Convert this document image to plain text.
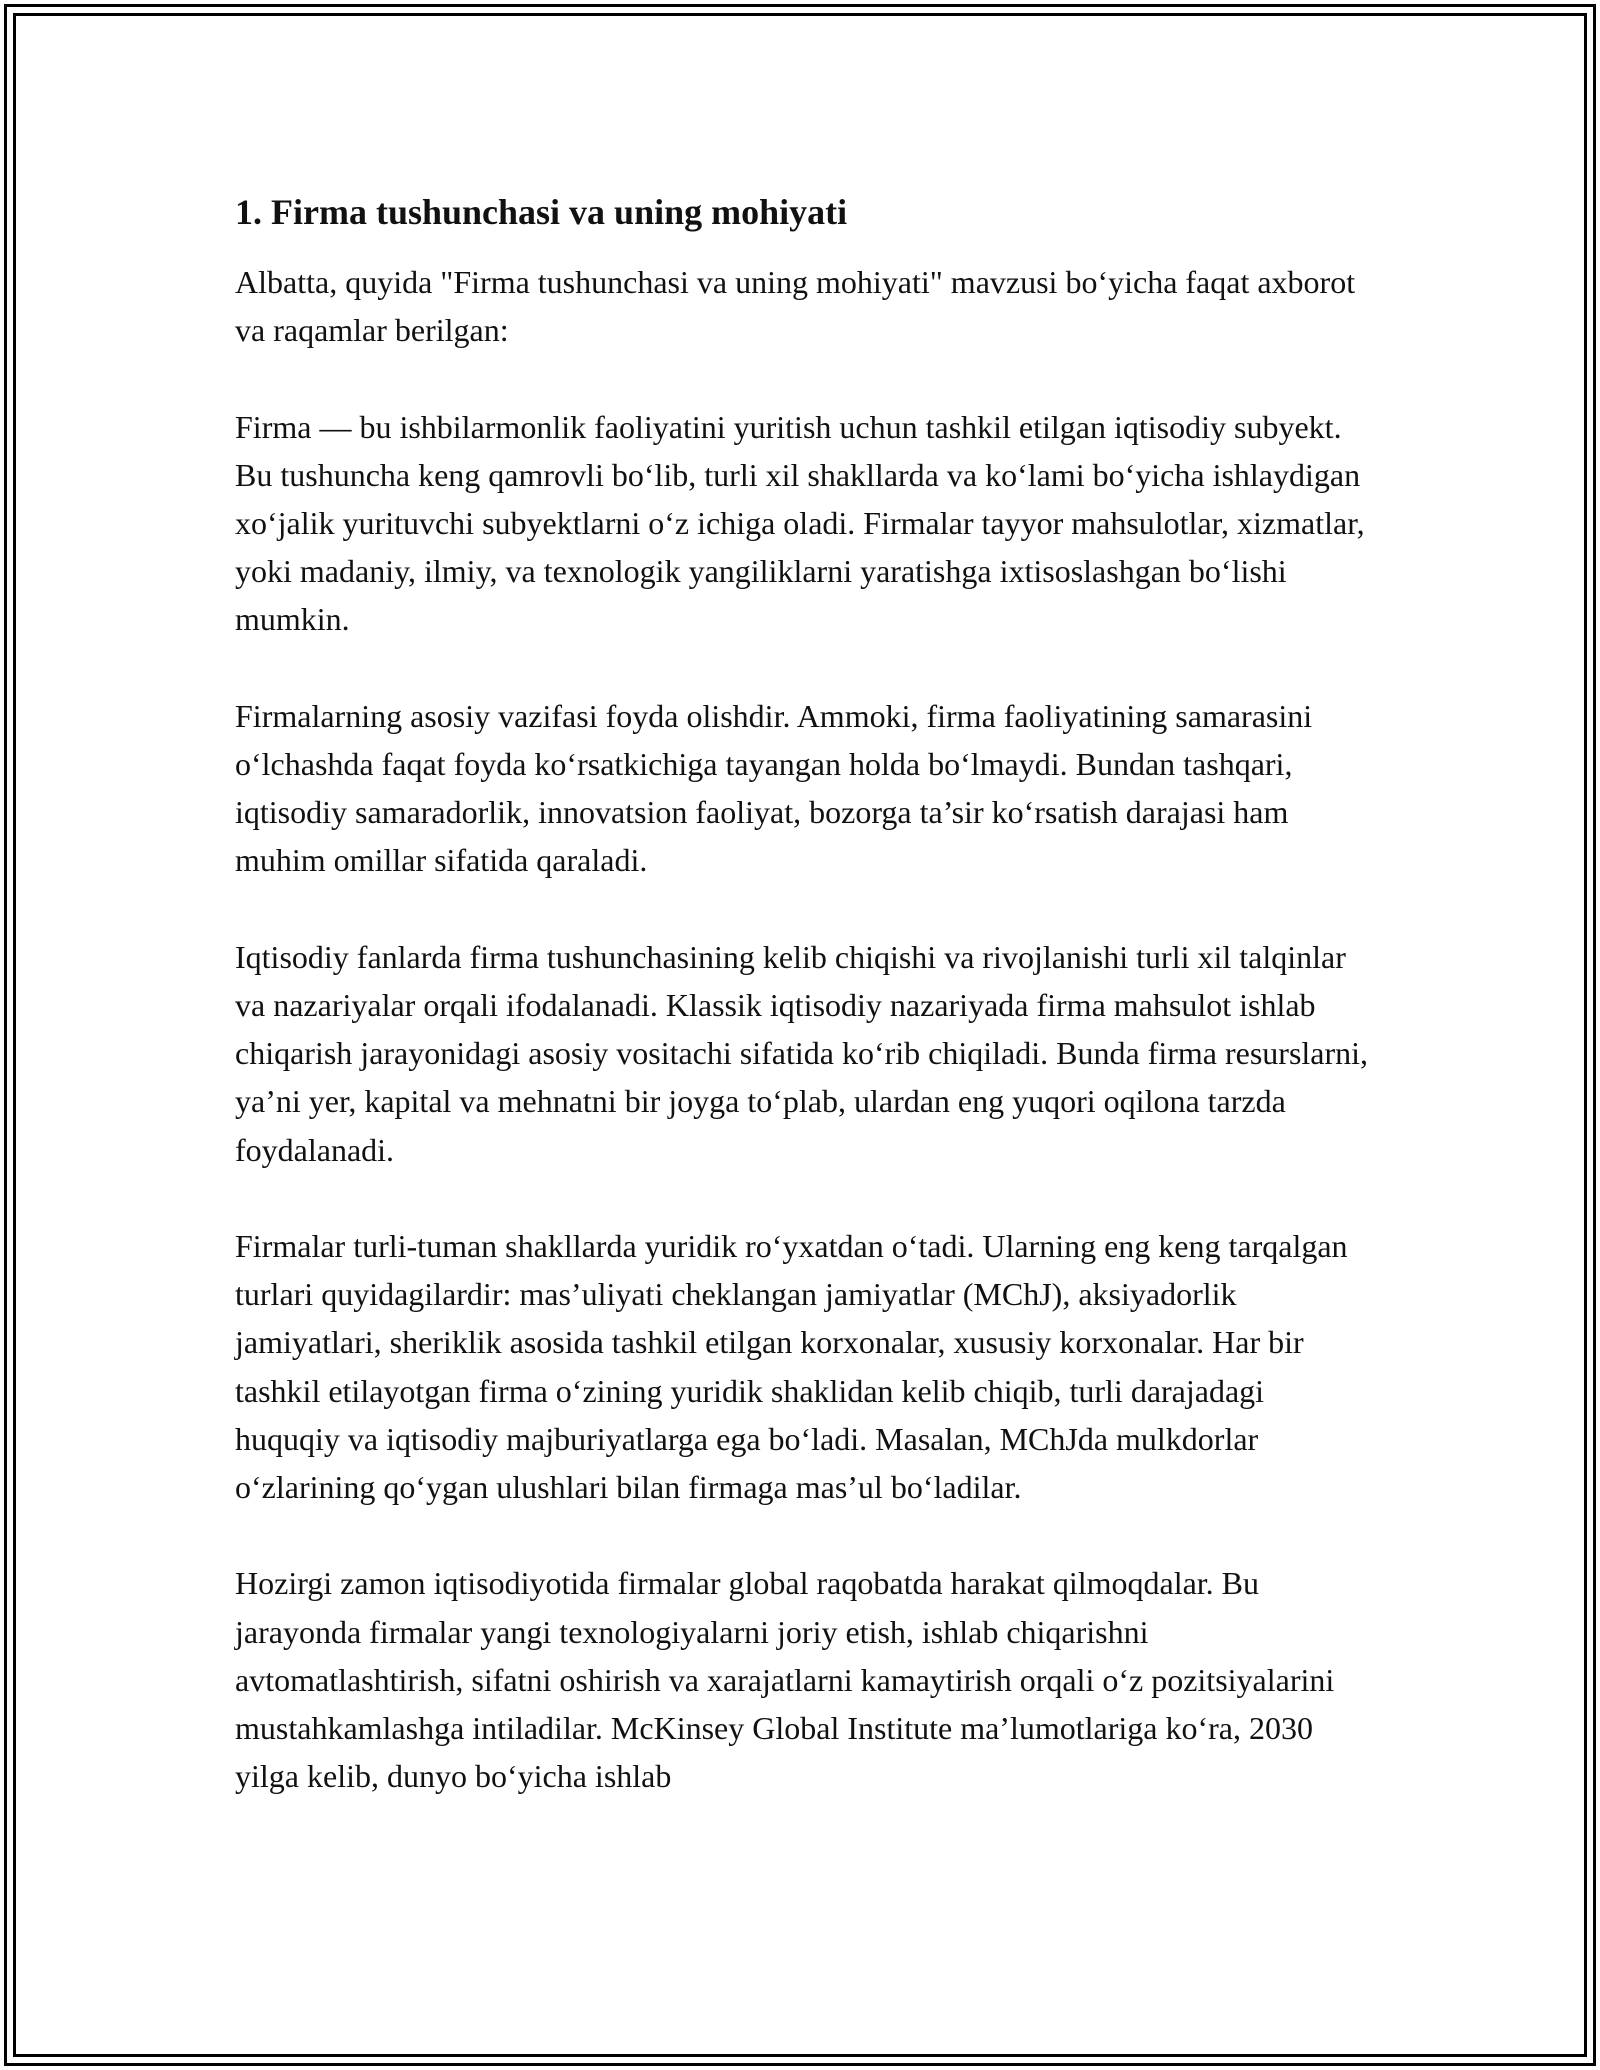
1. Firma tushunchasi va uning mohiyati

Albatta, quyida "Firma tushunchasi va uning mohiyati" mavzusi bo‘yicha faqat axborot va raqamlar berilgan:

Firma — bu ishbilarmonlik faoliyatini yuritish uchun tashkil etilgan iqtisodiy subyekt. Bu tushuncha keng qamrovli bo‘lib, turli xil shakllarda va ko‘lami bo‘yicha ishlaydigan xo‘jalik yurituvchi subyektlarni o‘z ichiga oladi. Firmalar tayyor mahsulotlar, xizmatlar, yoki madaniy, ilmiy, va texnologik yangiliklarni yaratishga ixtisoslashgan bo‘lishi mumkin.

Firmalarning asosiy vazifasi foyda olishdir. Ammoki, firma faoliyatining samarasini o‘lchashda faqat foyda ko‘rsatkichiga tayangan holda bo‘lmaydi. Bundan tashqari, iqtisodiy samaradorlik, innovatsion faoliyat, bozorga ta’sir ko‘rsatish darajasi ham muhim omillar sifatida qaraladi.

Iqtisodiy fanlarda firma tushunchasining kelib chiqishi va rivojlanishi turli xil talqinlar va nazariyalar orqali ifodalanadi. Klassik iqtisodiy nazariyada firma mahsulot ishlab chiqarish jarayonidagi asosiy vositachi sifatida ko‘rib chiqiladi. Bunda firma resurslarni, ya’ni yer, kapital va mehnatni bir joyga to‘plab, ulardan eng yuqori oqilona tarzda foydalanadi.

Firmalar turli-tuman shakllarda yuridik ro‘yxatdan o‘tadi. Ularning eng keng tarqalgan turlari quyidagilardir: mas’uliyati cheklangan jamiyatlar (MChJ), aksiyadorlik jamiyatlari, sheriklik asosida tashkil etilgan korxonalar, xususiy korxonalar. Har bir tashkil etilayotgan firma o‘zining yuridik shaklidan kelib chiqib, turli darajadagi huquqiy va iqtisodiy majburiyatlarga ega bo‘ladi. Masalan, MChJda mulkdorlar o‘zlarining qo‘ygan ulushlari bilan firmaga mas’ul bo‘ladilar.

Hozirgi zamon iqtisodiyotida firmalar global raqobatda harakat qilmoqdalar. Bu jarayonda firmalar yangi texnologiyalarni joriy etish, ishlab chiqarishni avtomatlashtirish, sifatni oshirish va xarajatlarni kamaytirish orqali o‘z pozitsiyalarini mustahkamlashga intiladilar. McKinsey Global Institute ma’lumotlariga ko‘ra, 2030 yilga kelib, dunyo bo‘yicha ishlab
